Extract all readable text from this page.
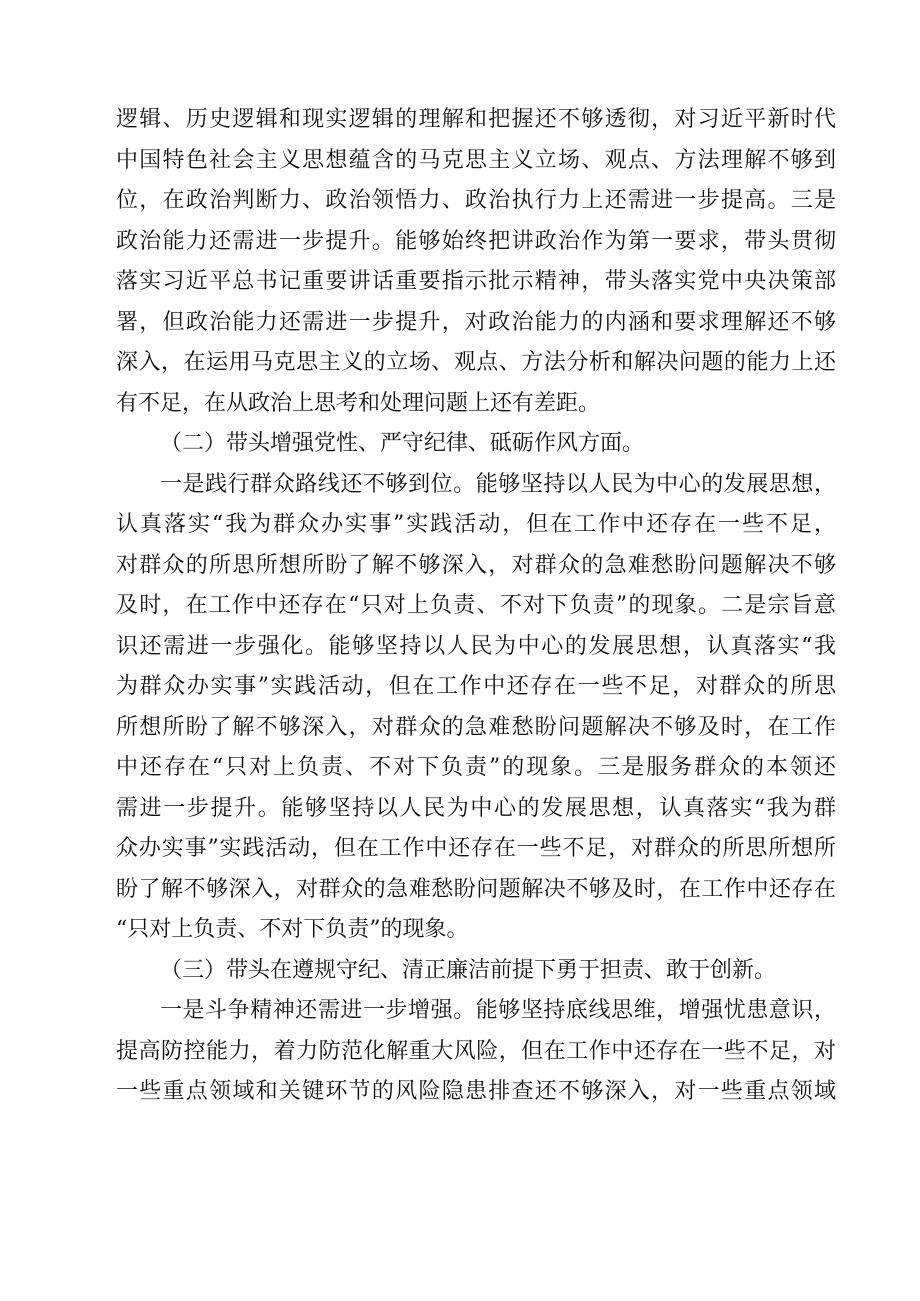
逻辑、历史逻辑和现实逻辑的理解和把握还不够透彻，对习近平新时代
中国特色社会主义思想蕴含的马克思主义立场、观点、方法理解不够到
位，在政治判断力、政治领悟力、政治执行力上还需进一步提高。三是
政治能力还需进一步提升。能够始终把讲政治作为第一要求，带头贯彻
落实习近平总书记重要讲话重要指示批示精神，带头落实党中央决策部
署，但政治能力还需进一步提升，对政治能力的内涵和要求理解还不够
深入，在运用马克思主义的立场、观点、方法分析和解决问题的能力上还
有不足，在从政治上思考和处理问题上还有差距。
（二）带头增强党性、严守纪律、砥砺作风方面。
一是践行群众路线还不够到位。能够坚持以人民为中心的发展思想，
认真落实“我为群众办实事”实践活动，但在工作中还存在一些不足，
对群众的所思所想所盼了解不够深入，对群众的急难愁盼问题解决不够
及时，在工作中还存在“只对上负责、不对下负责”的现象。二是宗旨意
识还需进一步强化。能够坚持以人民为中心的发展思想，认真落实“我
为群众办实事”实践活动，但在工作中还存在一些不足，对群众的所思
所想所盼了解不够深入，对群众的急难愁盼问题解决不够及时，在工作
中还存在“只对上负责、不对下负责”的现象。三是服务群众的本领还
需进一步提升。能够坚持以人民为中心的发展思想，认真落实“我为群
众办实事”实践活动，但在工作中还存在一些不足，对群众的所思所想所
盼了解不够深入，对群众的急难愁盼问题解决不够及时，在工作中还存在
“只对上负责、不对下负责”的现象。
（三）带头在遵规守纪、清正廉洁前提下勇于担责、敢于创新。
一是斗争精神还需进一步增强。能够坚持底线思维，增强忧患意识，
提高防控能力，着力防范化解重大风险，但在工作中还存在一些不足，对
一些重点领域和关键环节的风险隐患排查还不够深入，对一些重点领域
